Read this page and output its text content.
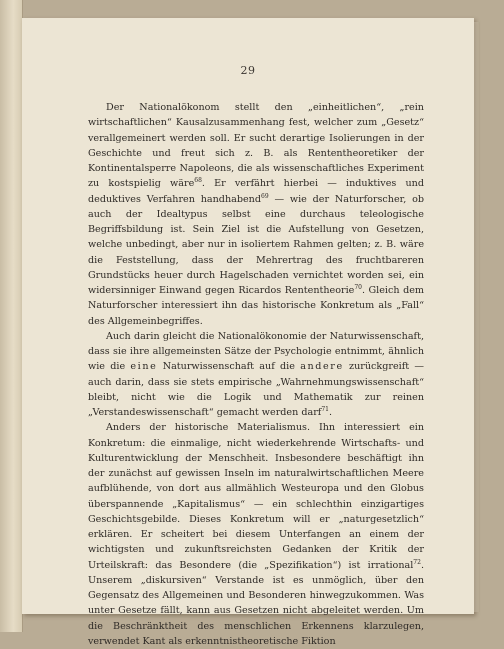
29

Der Nationalökonom stellt den „einheitlichen“, „rein wirtschaftlichen“ Kausalzusammenhang fest, welcher zum „Gesetz“ verallgemeinert werden soll. Er sucht derartige Isolierungen in der Geschichte und freut sich z. B. als Rententheoretiker der Kontinentalsperre Napoleons, die als wissenschaftliches Experiment zu kostspielig wäre$^{68}$. Er verfährt hierbei — induktives und deduktives Verfahren handhabend$^{69}$ — wie der Naturforscher, ob auch der Idealtypus selbst eine durchaus teleologische Begriffsbildung ist. Sein Ziel ist die Aufstellung von Gesetzen, welche unbedingt, aber nur in isoliertem Rahmen gelten; z. B. wäre die Feststellung, dass der Mehrertrag des fruchtbareren Grundstücks heuer durch Hagelschaden vernichtet worden sei, ein widersinniger Einwand gegen Ricardos Rententheorie$^{70}$. Gleich dem Naturforscher interessiert ihn das historische Konkretum als „Fall“ des Allgemeinbegriffes.

Auch darin gleicht die Nationalökonomie der Naturwissenschaft, dass sie ihre allgemeinsten Sätze der Psychologie entnimmt, ähnlich wie die eine Naturwissenschaft auf die andere zurückgreift — auch darin, dass sie stets empirische „Wahrnehmungswissenschaft“ bleibt, nicht wie die Logik und Mathematik zur reinen „Verstandeswissenschaft“ gemacht werden darf$^{71}$.

Anders der historische Materialismus. Ihn interessiert ein Konkretum: die einmalige, nicht wiederkehrende Wirtschafts- und Kulturentwicklung der Menschheit. Insbesondere beschäftigt ihn der zunächst auf gewissen Inseln im naturalwirtschaftlichen Meere aufblühende, von dort aus allmählich Westeuropa und den Globus überspannende „Kapitalismus“ — ein schlechthin einzigartiges Geschichtsgebilde. Dieses Konkretum will er „naturgesetzlich“ erklären. Er scheitert bei diesem Unterfangen an einem der wichtigsten und zukunftsreichsten Gedanken der Kritik der Urteilskraft: das Besondere (die „Spezifikation“) ist irrational$^{72}$. Unserem „diskursiven“ Verstande ist es unmöglich, über den Gegensatz des Allgemeinen und Besonderen hinwegzukommen. Was unter Gesetze fällt, kann aus Gesetzen nicht abgeleitet werden. Um die Beschränktheit des menschlichen Erkennens klarzulegen, verwendet Kant als erkenntnistheoretische Fiktion
